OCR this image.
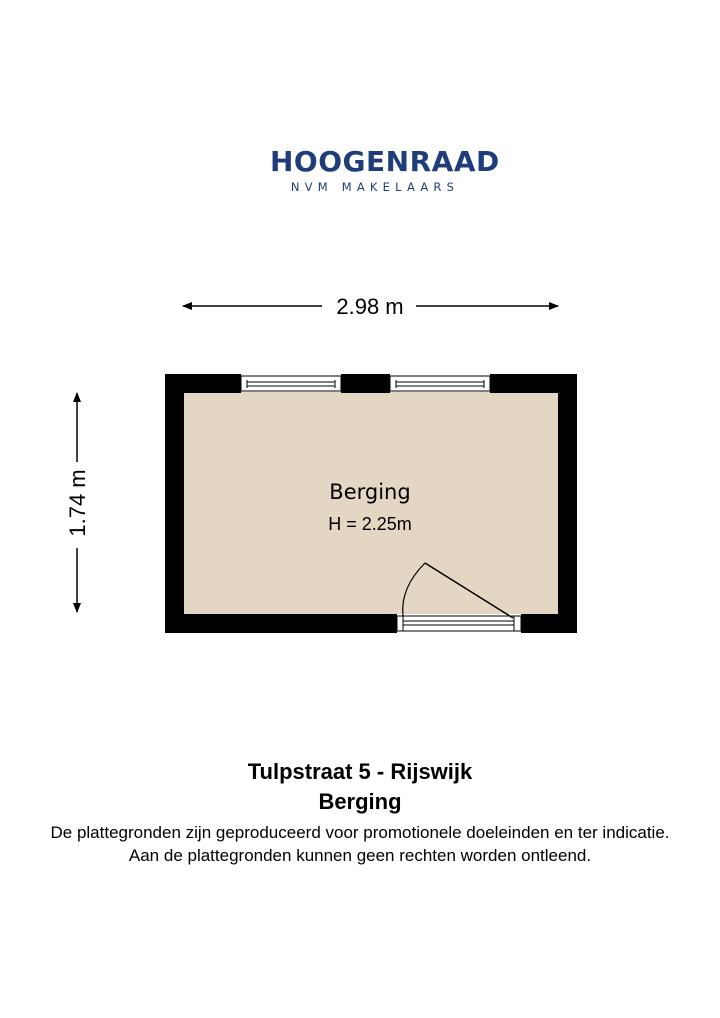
HOOGENRAAD
NVM MAKELAARS
2.98 m
1.74 m	Berging
H = 2.25m
Tulpstraat 5 - Rijswijk
Berging
De plattegronden zijn geproduceerd voor promotionele doeleinden en ter indicatie.
Aan de plattegronden kunnen geen rechten worden ontleend.
